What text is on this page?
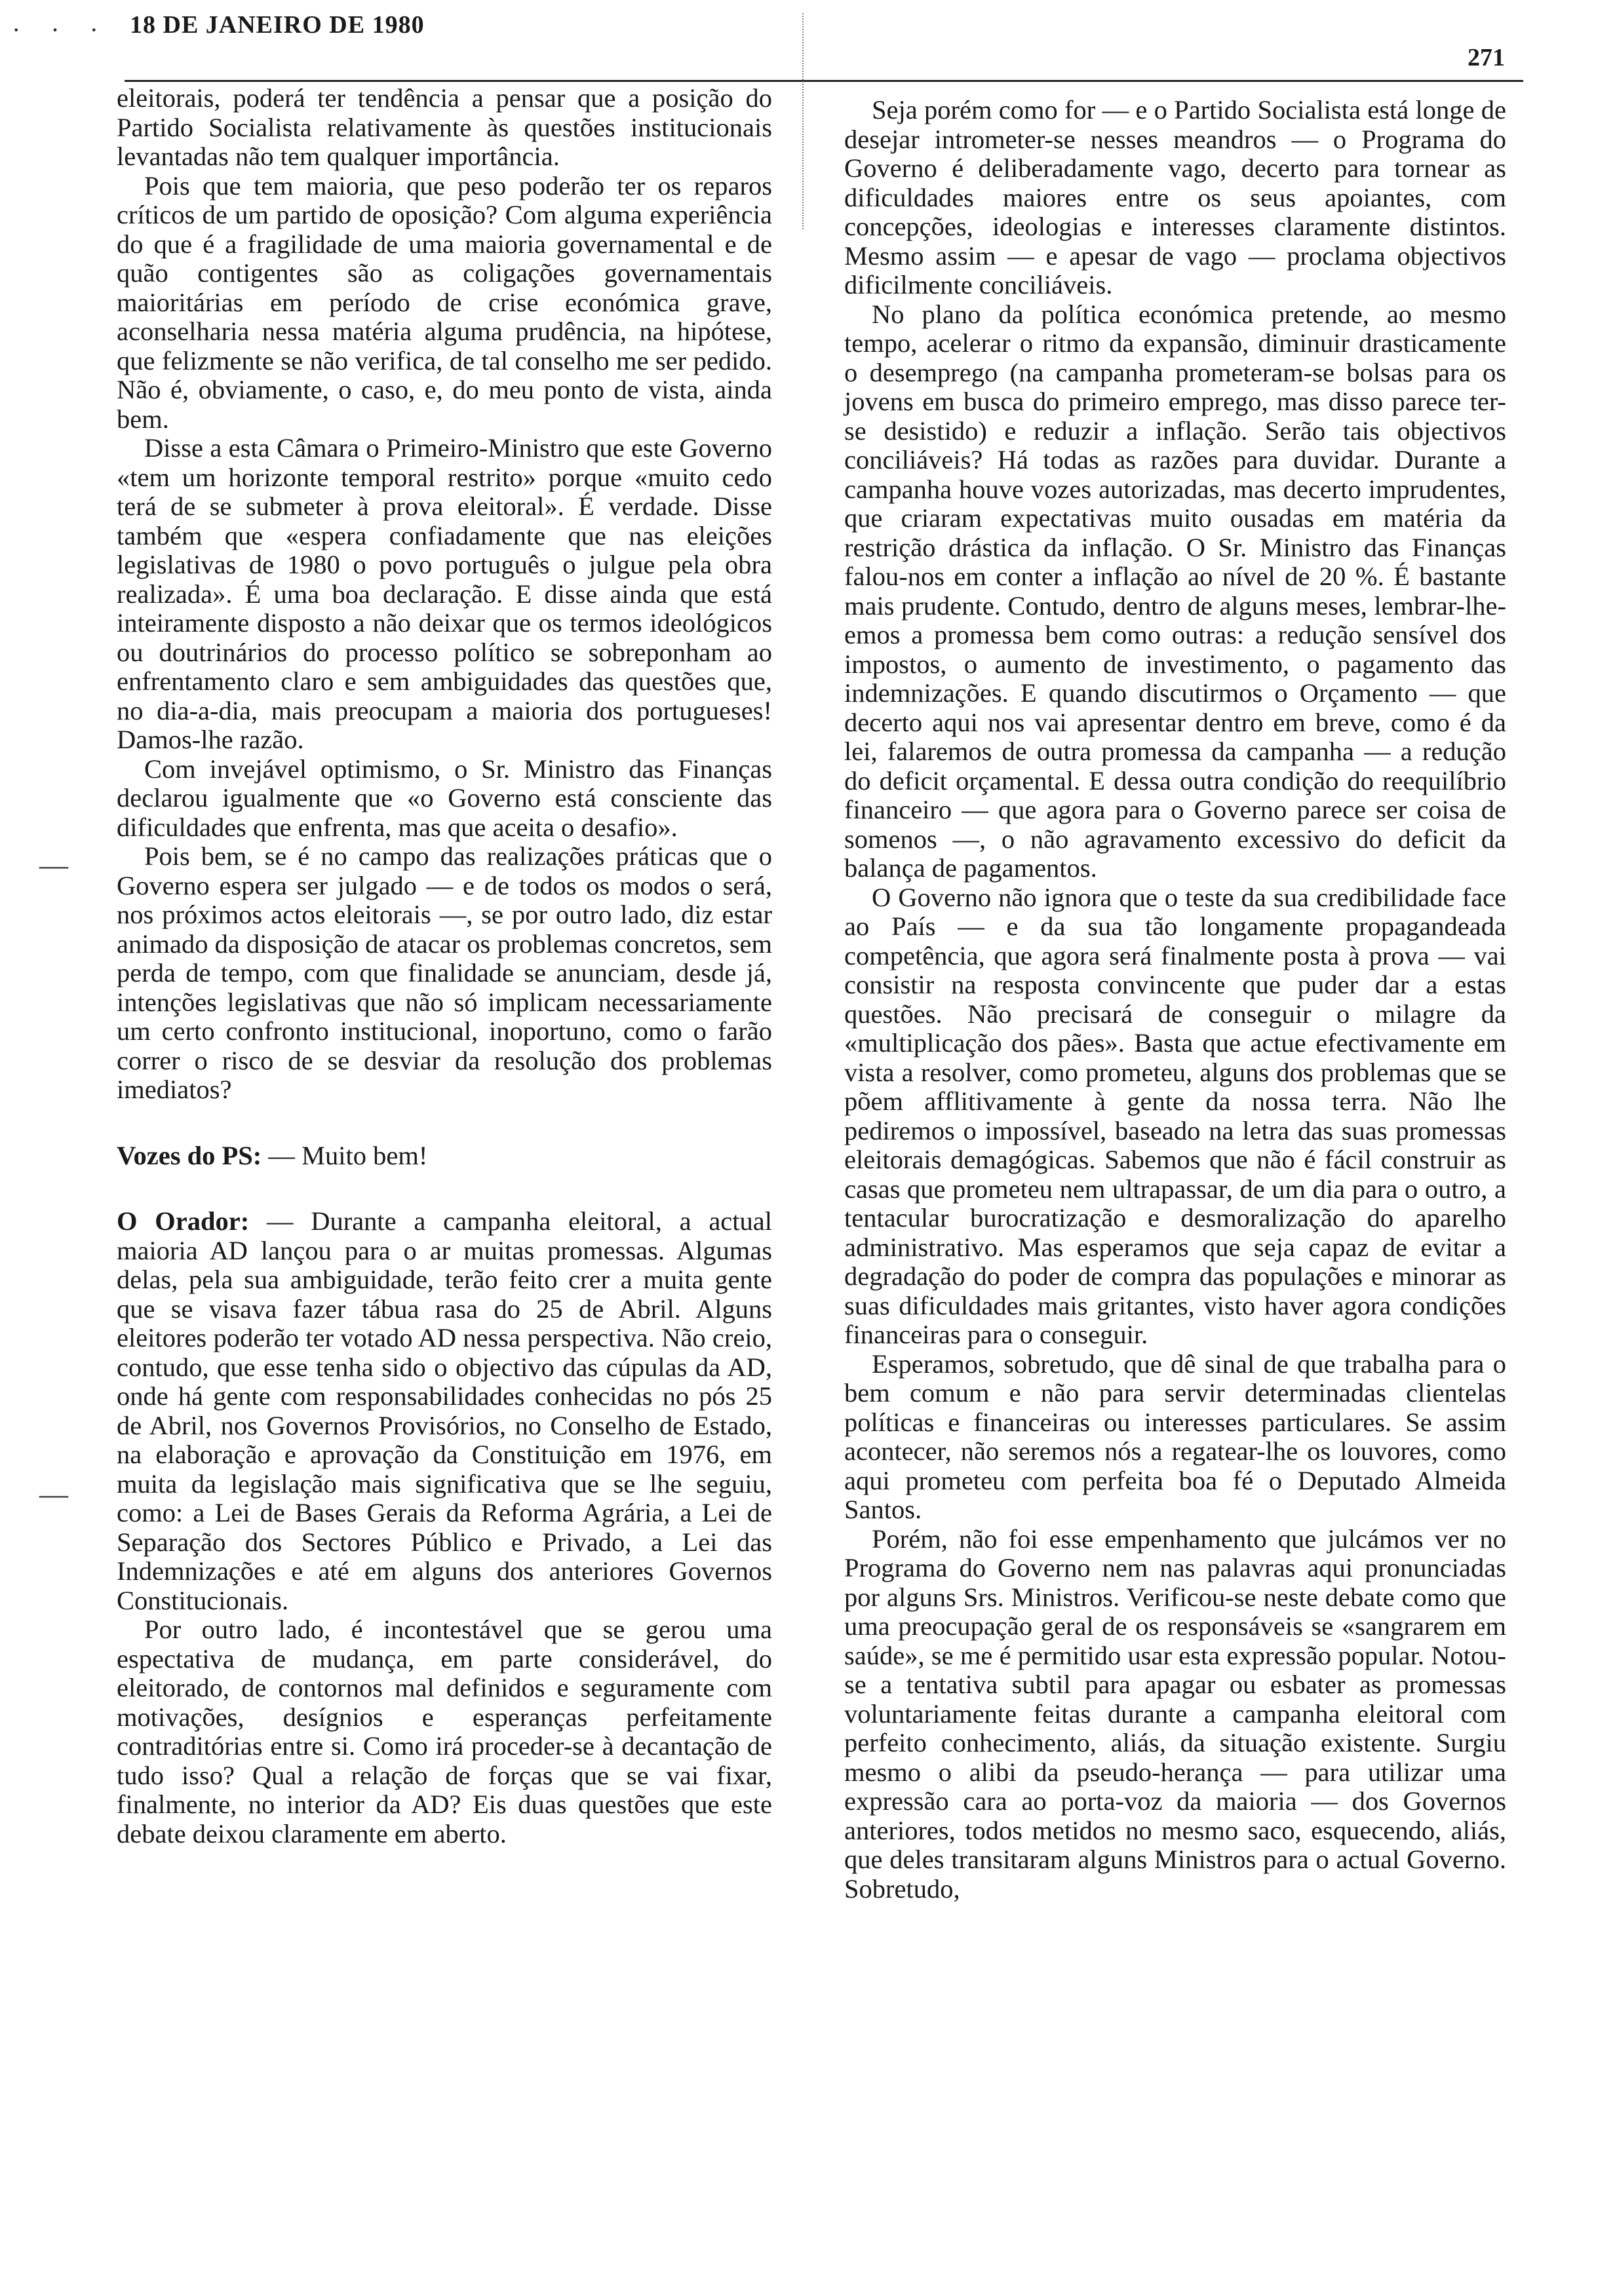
· · · 18 DE JANEIRO DE 1980
271
—
—

eleitorais, poderá ter tendência a pensar que a posição do Partido Socialista relativamente às questões institucionais levantadas não tem qualquer importância.

Pois que tem maioria, que peso poderão ter os reparos críticos de um partido de oposição? Com alguma experiência do que é a fragilidade de uma maioria governamental e de quão contigentes são as coligações governamentais maioritárias em período de crise económica grave, aconselharia nessa matéria alguma prudência, na hipótese, que felizmente se não verifica, de tal conselho me ser pedido. Não é, obviamente, o caso, e, do meu ponto de vista, ainda bem.

Disse a esta Câmara o Primeiro-Ministro que este Governo «tem um horizonte temporal restrito» porque «muito cedo terá de se submeter à prova eleitoral». É verdade. Disse também que «espera confiadamente que nas eleições legislativas de 1980 o povo português o julgue pela obra realizada». É uma boa declaração. E disse ainda que está inteiramente disposto a não deixar que os termos ideológicos ou doutrinários do processo político se sobreponham ao enfrentamento claro e sem ambiguidades das questões que, no dia-a-dia, mais preocupam a maioria dos portugueses! Damos-lhe razão.

Com invejável optimismo, o Sr. Ministro das Finanças declarou igualmente que «o Governo está consciente das dificuldades que enfrenta, mas que aceita o desafio».

Pois bem, se é no campo das realizações práticas que o Governo espera ser julgado — e de todos os modos o será, nos próximos actos eleitorais —, se por outro lado, diz estar animado da disposição de atacar os problemas concretos, sem perda de tempo, com que finalidade se anunciam, desde já, intenções legislativas que não só implicam necessariamente um certo confronto institucional, inoportuno, como o farão correr o risco de se desviar da resolução dos problemas imediatos?

Vozes do PS: — Muito bem!

O Orador: — Durante a campanha eleitoral, a actual maioria AD lançou para o ar muitas promessas. Algumas delas, pela sua ambiguidade, terão feito crer a muita gente que se visava fazer tábua rasa do 25 de Abril. Alguns eleitores poderão ter votado AD nessa perspectiva. Não creio, contudo, que esse tenha sido o objectivo das cúpulas da AD, onde há gente com responsabilidades conhecidas no pós 25 de Abril, nos Governos Provisórios, no Conselho de Estado, na elaboração e aprovação da Constituição em 1976, em muita da legislação mais significativa que se lhe seguiu, como: a Lei de Bases Gerais da Reforma Agrária, a Lei de Separação dos Sectores Público e Privado, a Lei das Indemnizações e até em alguns dos anteriores Governos Constitucionais.

Por outro lado, é incontestável que se gerou uma espectativa de mudança, em parte considerável, do eleitorado, de contornos mal definidos e seguramente com motivações, desígnios e esperanças perfeitamente contraditórias entre si. Como irá proceder-se à decantação de tudo isso? Qual a relação de forças que se vai fixar, finalmente, no interior da AD? Eis duas questões que este debate deixou claramente em aberto.

Seja porém como for — e o Partido Socialista está longe de desejar intrometer-se nesses meandros — o Programa do Governo é deliberadamente vago, decerto para tornear as dificuldades maiores entre os seus apoiantes, com concepções, ideologias e interesses claramente distintos. Mesmo assim — e apesar de vago — proclama objectivos dificilmente conciliáveis.

No plano da política económica pretende, ao mesmo tempo, acelerar o ritmo da expansão, diminuir drasticamente o desemprego (na campanha prometeram-se bolsas para os jovens em busca do primeiro emprego, mas disso parece ter-se desistido) e reduzir a inflação. Serão tais objectivos conciliáveis? Há todas as razões para duvidar. Durante a campanha houve vozes autorizadas, mas decerto imprudentes, que criaram expectativas muito ousadas em matéria da restrição drástica da inflação. O Sr. Ministro das Finanças falou-nos em conter a inflação ao nível de 20 %. É bastante mais prudente. Contudo, dentro de alguns meses, lembrar-lhe-emos a promessa bem como outras: a redução sensível dos impostos, o aumento de investimento, o pagamento das indemnizações. E quando discutirmos o Orçamento — que decerto aqui nos vai apresentar dentro em breve, como é da lei, falaremos de outra promessa da campanha — a redução do deficit orçamental. E dessa outra condição do reequilíbrio financeiro — que agora para o Governo parece ser coisa de somenos —, o não agravamento excessivo do deficit da balança de pagamentos.

O Governo não ignora que o teste da sua credibilidade face ao País — e da sua tão longamente propagandeada competência, que agora será finalmente posta à prova — vai consistir na resposta convincente que puder dar a estas questões. Não precisará de conseguir o milagre da «multiplicação dos pães». Basta que actue efectivamente em vista a resolver, como prometeu, alguns dos problemas que se põem afflitivamente à gente da nossa terra. Não lhe pediremos o impossível, baseado na letra das suas promessas eleitorais demagógicas. Sabemos que não é fácil construir as casas que prometeu nem ultrapassar, de um dia para o outro, a tentacular burocratização e desmoralização do aparelho administrativo. Mas esperamos que seja capaz de evitar a degradação do poder de compra das populações e minorar as suas dificuldades mais gritantes, visto haver agora condições financeiras para o conseguir.

Esperamos, sobretudo, que dê sinal de que trabalha para o bem comum e não para servir determinadas clientelas políticas e financeiras ou interesses particulares. Se assim acontecer, não seremos nós a regatear-lhe os louvores, como aqui prometeu com perfeita boa fé o Deputado Almeida Santos.

Porém, não foi esse empenhamento que julcámos ver no Programa do Governo nem nas palavras aqui pronunciadas por alguns Srs. Ministros. Verificou-se neste debate como que uma preocupação geral de os responsáveis se «sangrarem em saúde», se me é permitido usar esta expressão popular. Notou-se a tentativa subtil para apagar ou esbater as promessas voluntariamente feitas durante a campanha eleitoral com perfeito conhecimento, aliás, da situação existente. Surgiu mesmo o alibi da pseudo-herança — para utilizar uma expressão cara ao porta-voz da maioria — dos Governos anteriores, todos metidos no mesmo saco, esquecendo, aliás, que deles transitaram alguns Ministros para o actual Governo. Sobretudo,
